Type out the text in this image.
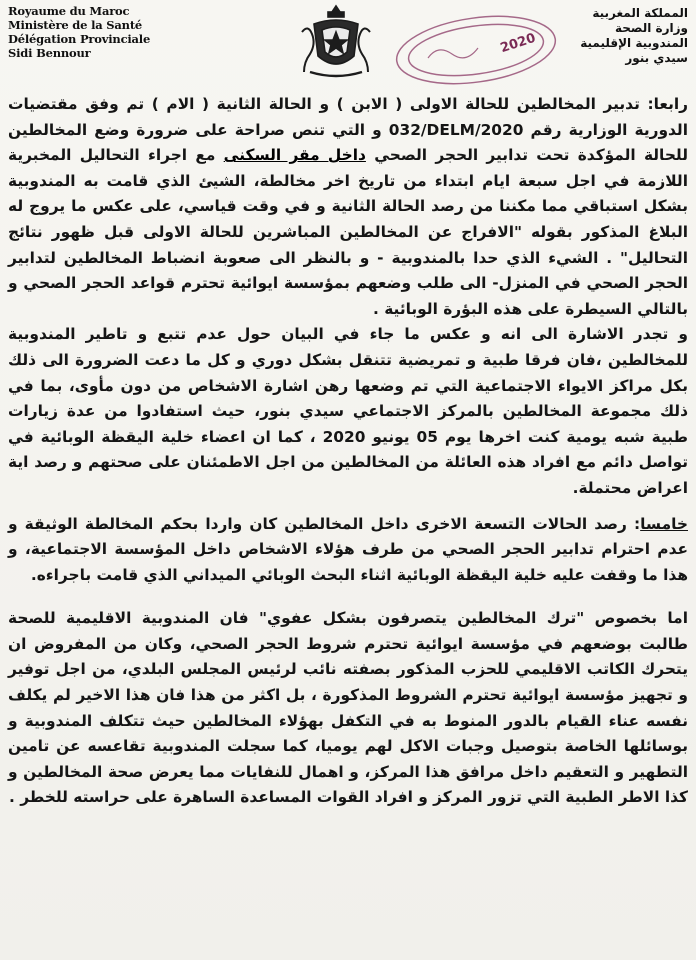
Royaume du Maroc
Ministère de la Santé
Délégation Provinciale
Sidi Bennour	2020
المملكة المغربية
وزارة الصحة
المندوبية الإقليمية
سيدي بنور

رابعا: تدبير المخالطين للحالة الاولى ( الابن ) و الحالة الثانية ( الام ) تم وفق مقتضيات الدورية الوزارية رقم 032/DELM/2020 و التي تنص صراحة على ضرورة وضع المخالطين للحالة المؤكدة تحت تدابير الحجر الصحي داخل مقر السكنى مع اجراء التحاليل المخبرية اللازمة في اجل سبعة ايام ابتداء من تاريخ اخر مخالطة، الشيئ الذي قامت به المندوبية بشكل استباقي مما مكننا من رصد الحالة الثانية و في وقت قياسي، على عكس ما يروج له البلاغ المذكور بقوله "الافراج عن المخالطين المباشرين للحالة الاولى قبل ظهور نتائج التحاليل" . الشيء الذي حدا بالمندوبية - و بالنظر الى صعوبة انضباط المخالطين لتدابير الحجر الصحي في المنزل- الى طلب وضعهم بمؤسسة ايوائية تحترم قواعد الحجر الصحي و بالتالي السيطرة على هذه البؤرة الوبائية .

و تجدر الاشارة الى انه و عكس ما جاء في البيان حول عدم تتبع و تاطير المندوبية للمخالطين ،فان فرقا طبية و تمريضية تتنقل بشكل دوري و كل ما دعت الضرورة الى ذلك بكل مراكز الايواء الاجتماعية التي تم وضعها رهن اشارة الاشخاص من دون مأوى، بما في ذلك مجموعة المخالطين بالمركز الاجتماعي سيدي بنور، حيث استفادوا من عدة زيارات طبية شبه يومية كنت اخرها يوم 05 يونيو 2020 ، كما ان اعضاء خلية اليقظة الوبائية في تواصل دائم مع افراد هذه العائلة من المخالطين من اجل الاطمئنان على صحتهم و رصد اية اعراض محتملة.

خامسا: رصد الحالات التسعة الاخرى داخل المخالطين كان واردا بحكم المخالطة الوثيقة و عدم احترام تدابير الحجر الصحي من طرف هؤلاء الاشخاص داخل المؤسسة الاجتماعية، و هذا ما وقفت عليه خلية اليقظة الوبائية اثناء البحث الوبائي الميداني الذي قامت باجراءه.

اما بخصوص "ترك المخالطين يتصرفون بشكل عفوي" فان المندوبية الاقليمية للصحة طالبت بوضعهم في مؤسسة ايوائية تحترم شروط الحجر الصحي، وكان من المفروض ان يتحرك الكاتب الاقليمي للحزب المذكور بصفته نائب لرئيس المجلس البلدي، من اجل توفير و تجهيز مؤسسة ايوائية تحترم الشروط المذكورة ، بل اكثر من هذا فان هذا الاخير لم يكلف نفسه عناء القيام بالدور المنوط به في التكفل بهؤلاء المخالطين حيث تتكلف المندوبية و بوسائلها الخاصة بتوصيل وجبات الاكل لهم يوميا، كما سجلت المندوبية تقاعسه عن تامين التطهير و التعقيم داخل مرافق هذا المركز، و اهمال للنفايات مما يعرض صحة المخالطين و كذا الاطر الطبية التي تزور المركز و افراد القوات المساعدة الساهرة على حراسته للخطر .
